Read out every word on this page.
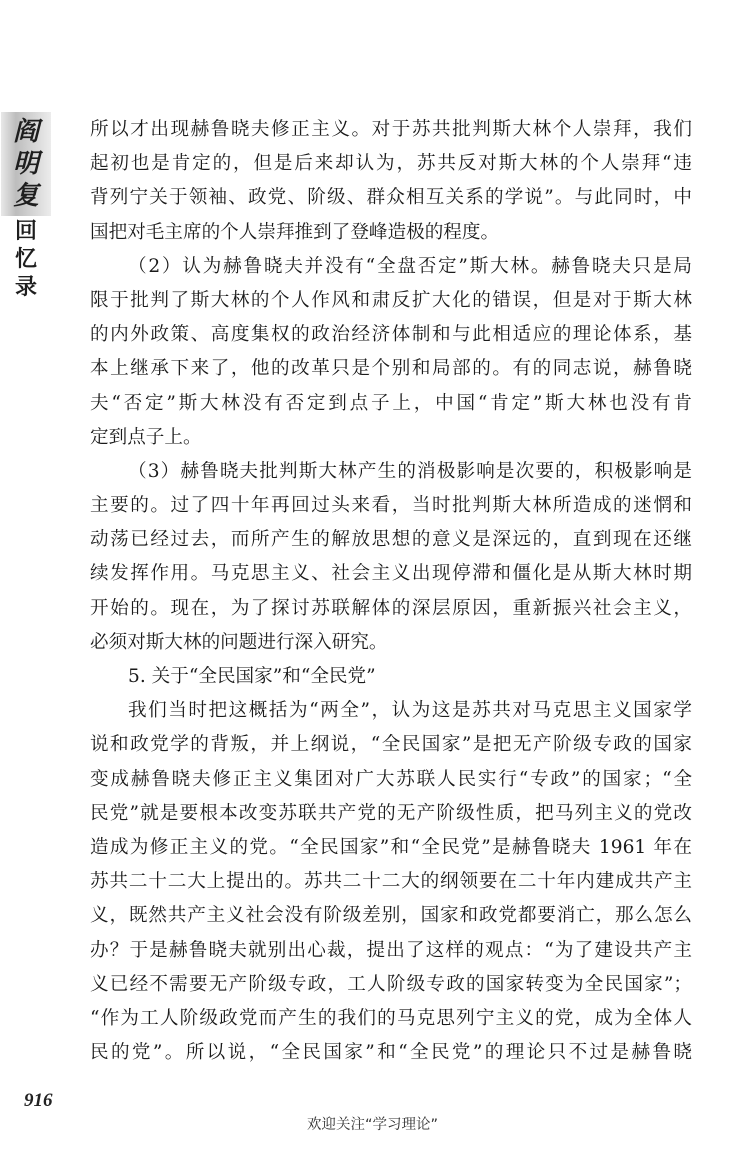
阎
明
复
回
忆
录
所以才出现赫鲁晓夫修正主义。对于苏共批判斯大林个人崇拜，我们
起初也是肯定的，但是后来却认为，苏共反对斯大林的个人崇拜“违
背列宁关于领袖、政党、阶级、群众相互关系的学说”。与此同时，中
国把对毛主席的个人崇拜推到了登峰造极的程度。
（2）认为赫鲁晓夫并没有“全盘否定”斯大林。赫鲁晓夫只是局
限于批判了斯大林的个人作风和肃反扩大化的错误，但是对于斯大林
的内外政策、高度集权的政治经济体制和与此相适应的理论体系，基
本上继承下来了，他的改革只是个别和局部的。有的同志说，赫鲁晓
夫“否定”斯大林没有否定到点子上，中国“肯定”斯大林也没有肯
定到点子上。
（3）赫鲁晓夫批判斯大林产生的消极影响是次要的，积极影响是
主要的。过了四十年再回过头来看，当时批判斯大林所造成的迷惘和
动荡已经过去，而所产生的解放思想的意义是深远的，直到现在还继
续发挥作用。马克思主义、社会主义出现停滞和僵化是从斯大林时期
开始的。现在，为了探讨苏联解体的深层原因，重新振兴社会主义，
必须对斯大林的问题进行深入研究。
5. 关于“全民国家”和“全民党”
我们当时把这概括为“两全”，认为这是苏共对马克思主义国家学
说和政党学的背叛，并上纲说，“全民国家”是把无产阶级专政的国家
变成赫鲁晓夫修正主义集团对广大苏联人民实行“专政”的国家；“全
民党”就是要根本改变苏联共产党的无产阶级性质，把马列主义的党改
造成为修正主义的党。“全民国家”和“全民党”是赫鲁晓夫 1961 年在
苏共二十二大上提出的。苏共二十二大的纲领要在二十年内建成共产主
义，既然共产主义社会没有阶级差别，国家和政党都要消亡，那么怎么
办？于是赫鲁晓夫就别出心裁，提出了这样的观点：“为了建设共产主
义已经不需要无产阶级专政，工人阶级专政的国家转变为全民国家”；
“作为工人阶级政党而产生的我们的马克思列宁主义的党，成为全体人
民的党”。所以说，“全民国家”和“全民党”的理论只不过是赫鲁晓
916
欢迎关注“学习理论”
